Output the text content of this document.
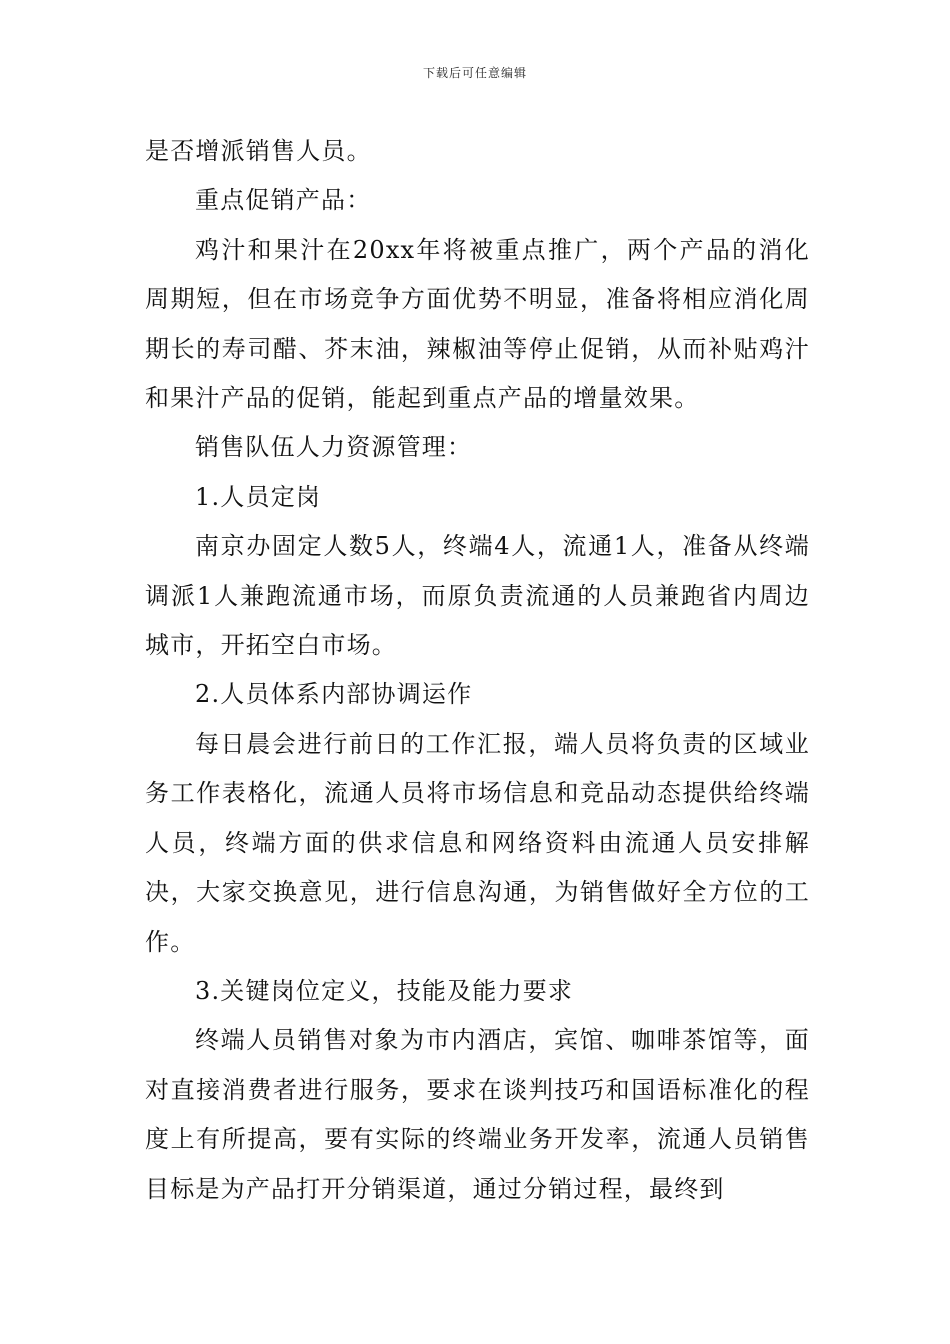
下载后可任意编辑

是否增派销售人员。

重点促销产品：

鸡汁和果汁在20xx年将被重点推广，两个产品的消化周期短，但在市场竞争方面优势不明显，准备将相应消化周期长的寿司醋、芥末油，辣椒油等停止促销，从而补贴鸡汁和果汁产品的促销，能起到重点产品的增量效果。

销售队伍人力资源管理：

1.人员定岗

南京办固定人数5人，终端4人，流通1人，准备从终端调派1人兼跑流通市场，而原负责流通的人员兼跑省内周边城市，开拓空白市场。

2.人员体系内部协调运作

每日晨会进行前日的工作汇报，端人员将负责的区域业务工作表格化，流通人员将市场信息和竞品动态提供给终端人员，终端方面的供求信息和网络资料由流通人员安排解决，大家交换意见，进行信息沟通，为销售做好全方位的工作。

3.关键岗位定义，技能及能力要求

终端人员销售对象为市内酒店，宾馆、咖啡茶馆等，面对直接消费者进行服务，要求在谈判技巧和国语标准化的程度上有所提高，要有实际的终端业务开发率，流通人员销售目标是为产品打开分销渠道，通过分销过程，最终到
